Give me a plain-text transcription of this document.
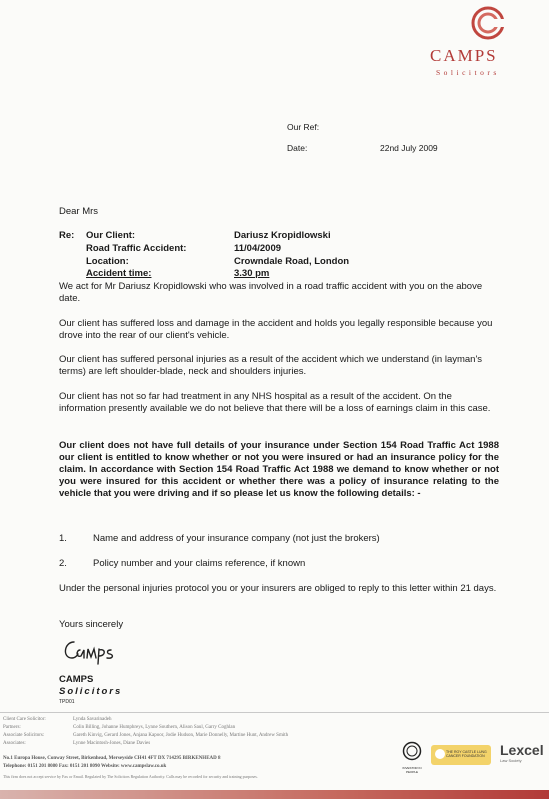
CAMPS
Solicitors
Our Ref:
Date:	22nd July 2009
Dear Mrs
Re: Our Client:	Dariusz Kropidlowski
Road Traffic Accident:	11/04/2009
Location:	Crowndale Road, London
Accident time:	3.30 pm
We act for Mr Dariusz Kropidlowski who was involved in a road traffic accident with you on the above date.
Our client has suffered loss and damage in the accident and holds you legally responsible because you drove into the rear of our client's vehicle.
Our client has suffered personal injuries as a result of the accident which we understand (in layman's terms) are left shoulder-blade, neck and shoulders injuries.
Our client has not so far had treatment in any NHS hospital as a result of the accident. On the information presently available we do not believe that there will be a loss of earnings claim in this case.
Our client does not have full details of your insurance under Section 154 Road Traffic Act 1988 our client is entitled to know whether or not you were insured or had an insurance policy for the claim. In accordance with Section 154 Road Traffic Act 1988 we demand to know whether or not you were insured for this accident or whether there was a policy of insurance relating to the vehicle that you were driving and if so please let us know the following details: -
1.	Name and address of your insurance company (not just the brokers)
2.	Policy number and your claims reference, if known
Under the personal injuries protocol you or your insurers are obliged to reply to this letter within 21 days.
Yours sincerely
CAMPS
Solicitors
TPD01
Client Care Solicitor:	Lynda Savarinadeh
Partners:	Colin Billing, Johanne Humphreys, Lynne Southern, Alison Saul, Garry Coghlan
Associate Solicitors:	Gareth Kinvig, Gerard Jones, Anjana Kapoor, Jodie Hudson, Marie Donnelly, Martine Hunt, Andrew Smith
Associates:	Lynne Macintosh-Jones, Diane Davies
No.1 Europa House, Conway Street, Birkenhead, Merseyside CH41 4FT DX 714295 BIRKENHEAD 8
Telephone: 0151 201 8080 Fax: 0151 201 8090 Website: www.campslaw.co.uk
This firm does not accept service by Fax or Email. Regulated by The Solicitors Regulation Authority. Calls may be recorded for security and training purposes.
INVESTOR IN PEOPLE
THE ROY CASTLE LUNG CANCER FOUNDATION	Lexcel
Law Society
